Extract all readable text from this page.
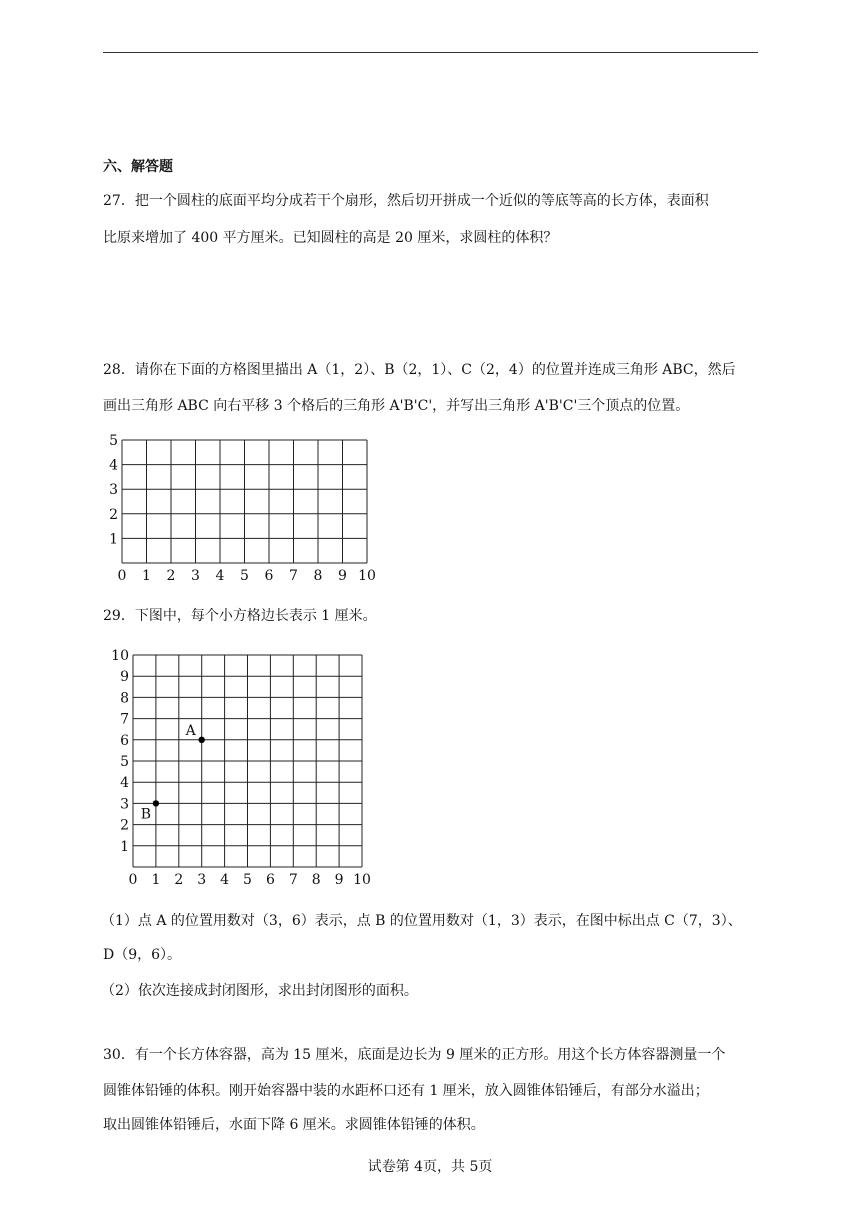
六、解答题
27．把一个圆柱的底面平均分成若干个扇形，然后切开拼成一个近似的等底等高的长方体，表面积
比原来增加了 400 平方厘米。已知圆柱的高是 20 厘米，求圆柱的体积？
28．请你在下面的方格图里描出 A（1，2）、B（2，1）、C（2，4）的位置并连成三角形 ABC，然后
画出三角形 ABC 向右平移 3 个格后的三角形 A'B'C'，并写出三角形 A'B'C'三个顶点的位置。
0 1 2 3 4 5 6 7 8 9 10
1
2
3
4
5
29．下图中，每个小方格边长表示 1 厘米。
0 1 2 3 4 5 6 7 8 9 10
1
2
3
4
5
6
7
8
9
10
A
B
（1）点 A 的位置用数对（3，6）表示，点 B 的位置用数对（1，3）表示，在图中标出点 C（7，3）、
D（9，6）。
（2）依次连接成封闭图形，求出封闭图形的面积。
30．有一个长方体容器，高为 15 厘米，底面是边长为 9 厘米的正方形。用这个长方体容器测量一个
圆锥体铅锤的体积。刚开始容器中装的水距杯口还有 1 厘米，放入圆锥体铅锤后，有部分水溢出；
取出圆锥体铅锤后，水面下降 6 厘米。求圆锥体铅锤的体积。
试卷第 4页，共 5页
